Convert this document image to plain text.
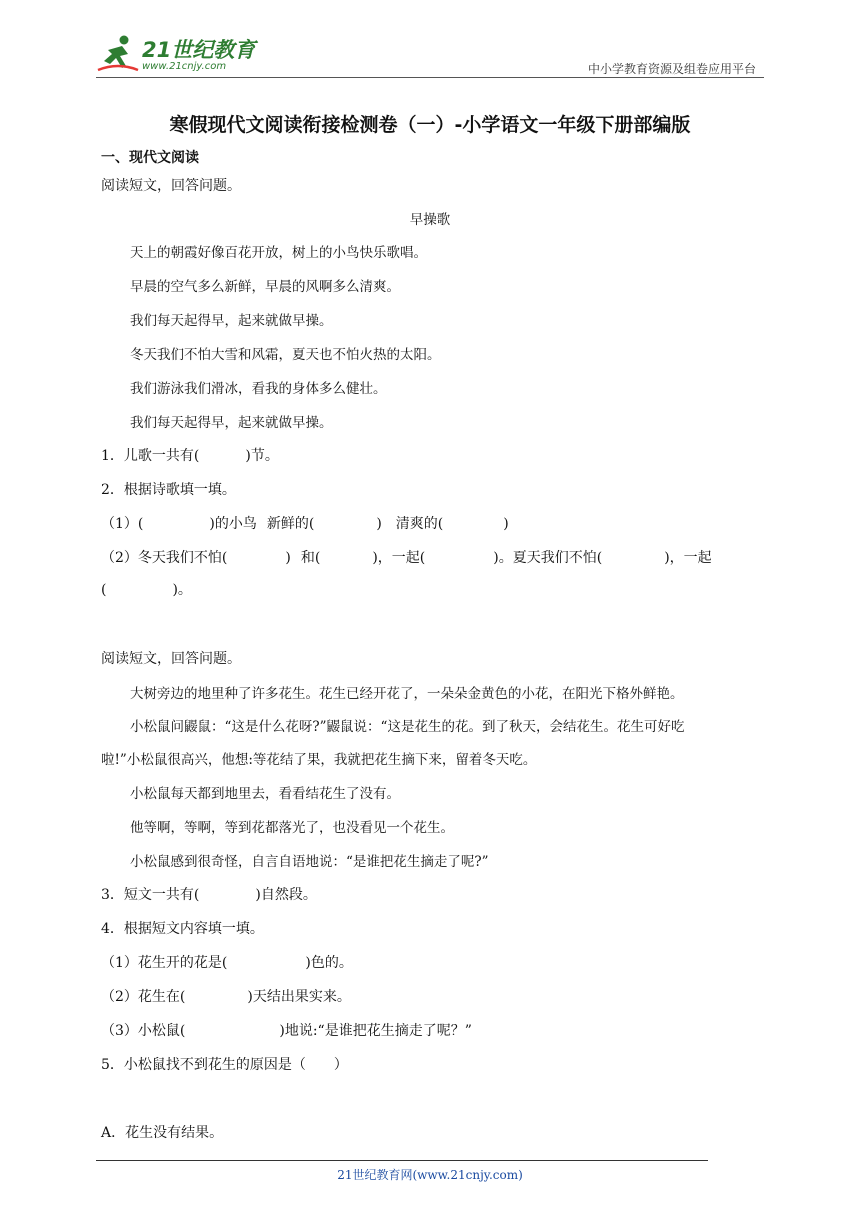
21世纪教育
www.21cnjy.com	中小学教育资源及组卷应用平台
寒假现代文阅读衔接检测卷（一）-小学语文一年级下册部编版
一、现代文阅读
阅读短文，回答问题。
早操歌
天上的朝霞好像百花开放，树上的小鸟快乐歌唱。
早晨的空气多么新鲜，早晨的风啊多么清爽。
我们每天起得早，起来就做早操。
冬天我们不怕大雪和风霜，夏天也不怕火热的太阳。
我们游泳我们滑冰，看我的身体多么健壮。
我们每天起得早，起来就做早操。
1．儿歌一共有(	)节。
2．根据诗歌填一填。
（1）(	)的小鸟 新鲜的(	) 清爽的(	)
（2）冬天我们不怕(	) 和(	)，一起(	)。夏天我们不怕(	)，一起
(	)。
阅读短文，回答问题。
大树旁边的地里种了许多花生。花生已经开花了，一朵朵金黄色的小花，在阳光下格外鲜艳。
小松鼠问鼹鼠：“这是什么花呀?”鼹鼠说：“这是花生的花。到了秋天，会结花生。花生可好吃
啦!”小松鼠很高兴，他想:等花结了果，我就把花生摘下来，留着冬天吃。
小松鼠每天都到地里去，看看结花生了没有。
他等啊，等啊，等到花都落光了，也没看见一个花生。
小松鼠感到很奇怪，自言自语地说：“是谁把花生摘走了呢?”
3．短文一共有(	)自然段。
4．根据短文内容填一填。
（1）花生开的花是(	)色的。
（2）花生在(	)天结出果实来。
（3）小松鼠(	)地说:“是谁把花生摘走了呢？”
5．小松鼠找不到花生的原因是（　　）
A．花生没有结果。
21世纪教育网(www.21cnjy.com)
